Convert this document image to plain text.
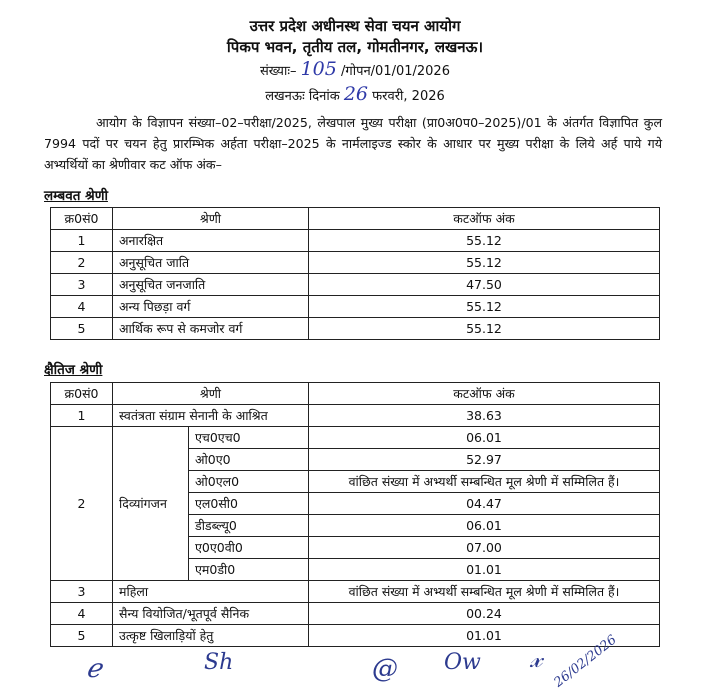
उत्तर प्रदेश अधीनस्थ सेवा चयन आयोग
पिकप भवन, तृतीय तल, गोमतीनगर, लखनऊ।
संख्याः– 105 /गोपन/01/01/2026
लखनऊः दिनांक 26 फरवरी, 2026
आयोग के विज्ञापन संख्या–02–परीक्षा/2025, लेखपाल मुख्य परीक्षा (प्रा0अ0प0–2025)/01 के अंतर्गत विज्ञापित कुल 7994 पदों पर चयन हेतु प्रारम्भिक अर्हता परीक्षा–2025 के नार्मलाइज्ड स्कोर के आधार पर मुख्य परीक्षा के लिये अर्ह पाये गये अभ्यर्थियों का श्रेणीवार कट ऑफ अंक–
लम्बवत श्रेणी
क्र0सं0	श्रेणी	कटऑफ अंक
1	अनारक्षित	55.12
2	अनुसूचित जाति	55.12
3	अनुसूचित जनजाति	47.50
4	अन्य पिछड़ा वर्ग	55.12
5	आर्थिक रूप से कमजोर वर्ग	55.12
क्षैतिज श्रेणी
क्र0सं0	श्रेणी		कटऑफ अंक
1	स्वतंत्रता संग्राम सेनानी के आश्रित		38.63
2	दिव्यांगजन	एच0एच0	06.01
		ओ0ए0	52.97
		ओ0एल0	वांछित संख्या में अभ्यर्थी सम्बन्धित मूल श्रेणी में सम्मिलित हैं।
		एल0सी0	04.47
		डीडब्ल्यू0	06.01
		ए0ए0वी0	07.00
		एम0डी0	01.01
3	महिला		वांछित संख्या में अभ्यर्थी सम्बन्धित मूल श्रेणी में सम्मिलित हैं।
4	सैन्य वियोजित/भूतपूर्व सैनिक		00.24
5	उत्कृष्ट खिलाड़ियों हेतु		01.01
ℯ	Sh	@ Ow 𝓍 26/02/2026
